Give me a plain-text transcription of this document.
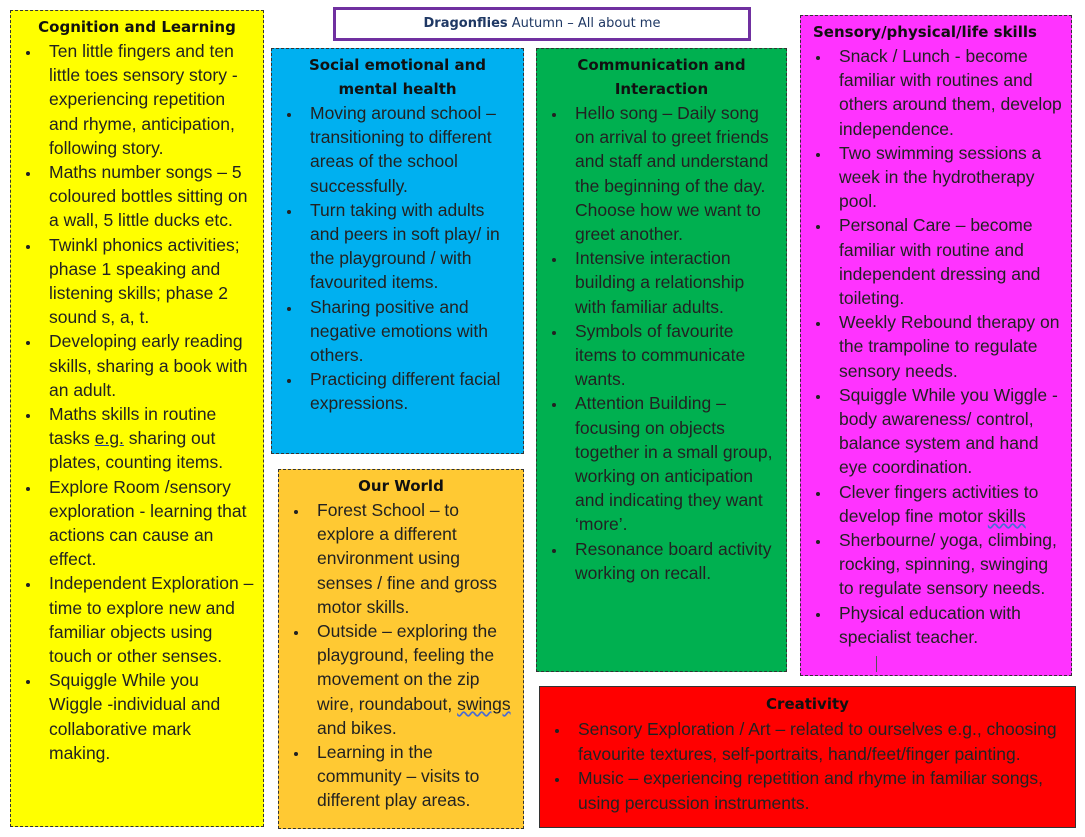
Dragonflies Autumn – All about me
Cognition and Learning
• Ten little fingers and ten little toes sensory story - experiencing repetition and rhyme, anticipation, following story.
• Maths number songs – 5 coloured bottles sitting on a wall, 5 little ducks etc.
• Twinkl phonics activities; phase 1 speaking and listening skills; phase 2 sound s, a, t.
• Developing early reading skills, sharing a book with an adult.
• Maths skills in routine tasks e.g. sharing out plates, counting items.
• Explore Room /sensory exploration - learning that actions can cause an effect.
• Independent Exploration – time to explore new and familiar objects using touch or other senses.
• Squiggle While you Wiggle -individual and collaborative mark making.
Social emotional and mental health
• Moving around school – transitioning to different areas of the school successfully.
• Turn taking with adults and peers in soft play/ in the playground / with favourited items.
• Sharing positive and negative emotions with others.
• Practicing different facial expressions.
Communication and Interaction
• Hello song – Daily song on arrival to greet friends and staff and understand the beginning of the day. Choose how we want to greet another.
• Intensive interaction building a relationship with familiar adults.
• Symbols of favourite items to communicate wants.
• Attention Building – focusing on objects together in a small group, working on anticipation and indicating they want ‘more’.
• Resonance board activity working on recall.
Sensory/physical/life skills
• Snack / Lunch - become familiar with routines and others around them, develop independence.
• Two swimming sessions a week in the hydrotherapy pool.
• Personal Care – become familiar with routine and independent dressing and toileting.
• Weekly Rebound therapy on the trampoline to regulate sensory needs.
• Squiggle While you Wiggle - body awareness/ control, balance system and hand eye coordination.
• Clever fingers activities to develop fine motor skills
• Sherbourne/ yoga, climbing, rocking, spinning, swinging to regulate sensory needs.
• Physical education with specialist teacher.
Our World
• Forest School – to explore a different environment using senses / fine and gross motor skills.
• Outside – exploring the playground, feeling the movement on the zip wire, roundabout, swings and bikes.
• Learning in the community – visits to different play areas.
Creativity
• Sensory Exploration / Art – related to ourselves e.g., choosing favourite textures, self-portraits, hand/feet/finger painting.
• Music – experiencing repetition and rhyme in familiar songs, using percussion instruments.
